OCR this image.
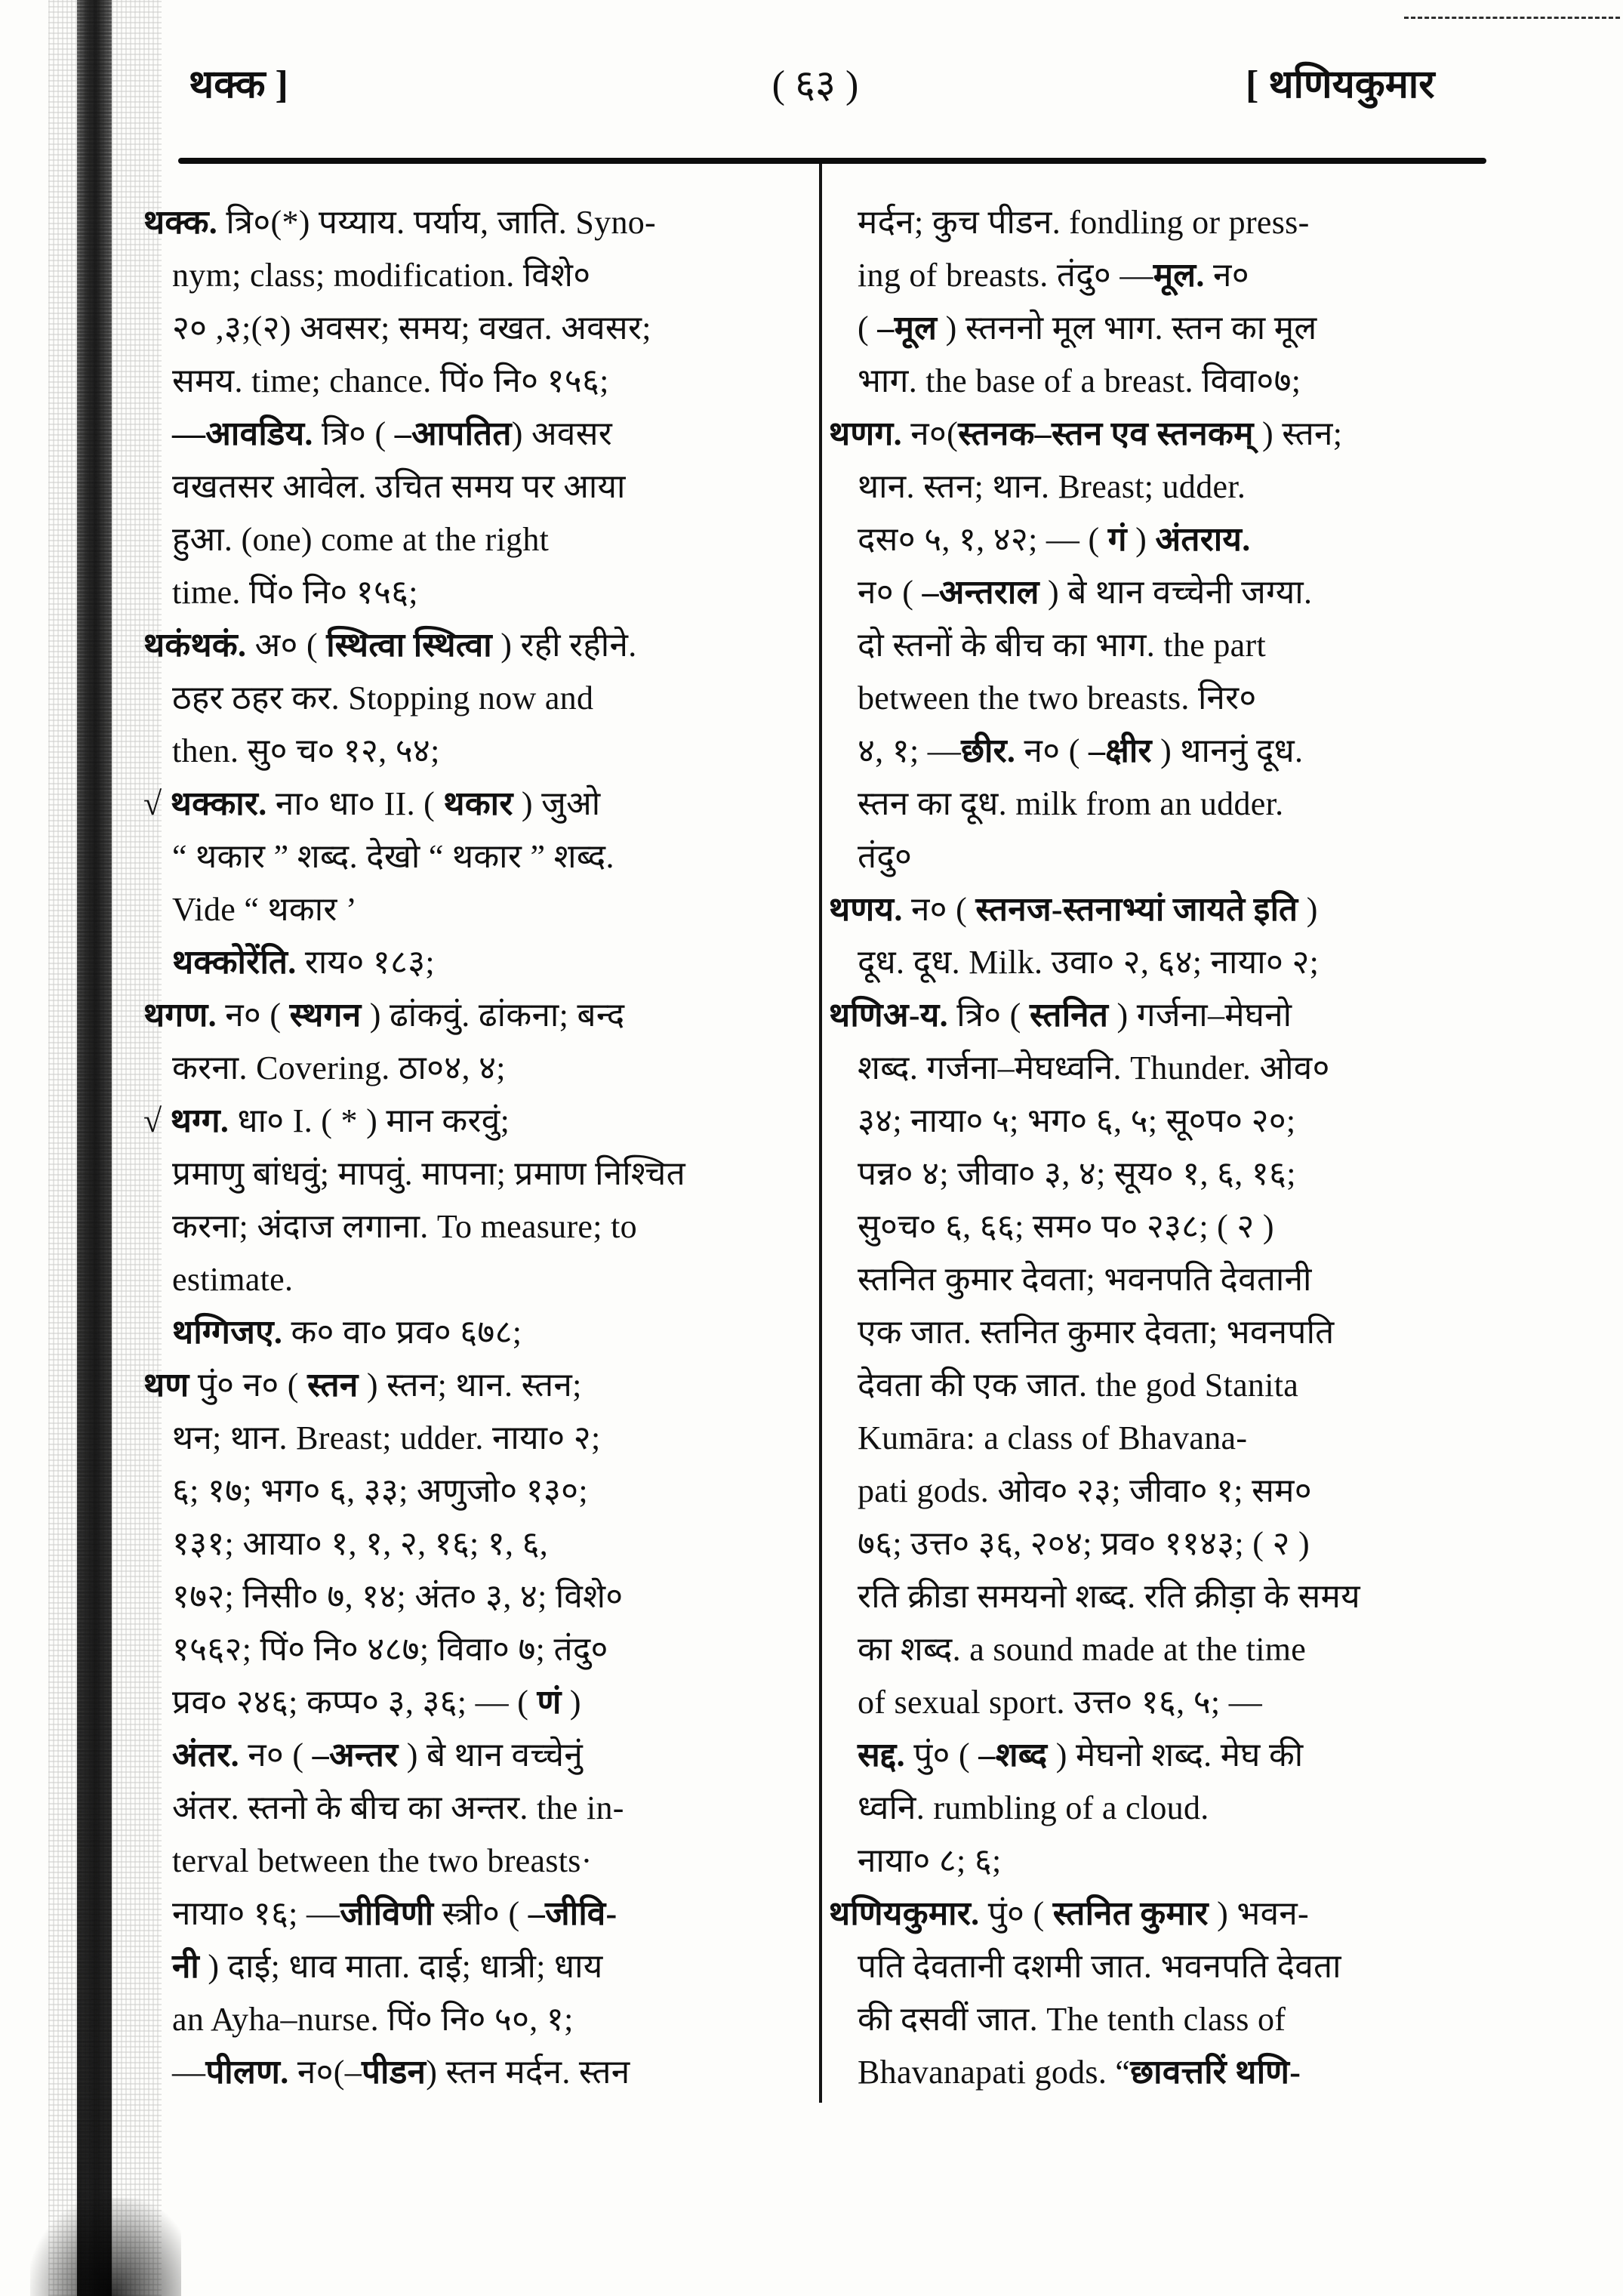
थक्क ]	( ६३ )	[ थणियकुमार
थक्क. त्रि०(*) पय्याय. पर्याय, जाति. Syno-
nym; class; modification. विशे०
२० ,३;(२) अवसर; समय; वखत. अवसर;
समय. time; chance. पिं० नि० १५६;
—आवडिय. त्रि० ( –आपतित) अवसर
वखतसर आवेल. उचित समय पर आया
हुआ. (one) come at the right
time. पिं० नि० १५६;
थकंथकं. अ० ( स्थित्वा स्थित्वा ) रही रहीने.
ठहर ठहर कर. Stopping now and
then. सु० च० १२, ५४;
√ थक्कार. ना० धा० II. ( थकार ) जुओ
“ थकार ” शब्द. देखो “ थकार ” शब्द.
Vide “ थकार ’
थक्कोरेंति. राय० १८३;
थगण. न० ( स्थगन ) ढांकवुं. ढांकना; बन्द
करना. Covering. ठा०४, ४;
√ थग्ग. धा० I. ( * ) मान करवुं;
प्रमाणु बांधवुं; मापवुं. मापना; प्रमाण निश्चित
करना; अंदाज लगाना. To measure; to
estimate.
थग्गिजए. क० वा० प्रव० ६७८;
थण पुं० न० ( स्तन ) स्तन; थान. स्तन;
थन; थान. Breast; udder. नाया० २;
६; १७; भग० ६, ३३; अणुजो० १३०;
१३१; आया० १, १, २, १६; १, ६,
१७२; निसी० ७, १४; अंत० ३, ४; विशे०
१५६२; पिं० नि० ४८७; विवा० ७; तंदु०
प्रव० २४६; कप्प० ३, ३६; — ( णं )
अंतर. न० ( –अन्तर ) बे थान वच्चेनुं
अंतर. स्तनो के बीच का अन्तर. the in-
terval between the two breasts·
नाया० १६; —जीविणी स्त्री० ( –जीवि-
नी ) दाई; धाव माता. दाई; धात्री; धाय
an Ayha–nurse. पिं० नि० ५०, १;
—पीलण. न०(–पीडन) स्तन मर्दन. स्तन
मर्दन; कुच पीडन. fondling or press-
ing of breasts. तंदु० —मूल. न०
( –मूल ) स्तननो मूल भाग. स्तन का मूल
भाग. the base of a breast. विवा०७;
थणग. न०(स्तनक–स्तन एव स्तनकम् ) स्तन;
थान. स्तन; थान. Breast; udder.
दस० ५, १, ४२; — ( गं ) अंतराय.
न० ( –अन्तराल ) बे थान वच्चेनी जग्या.
दो स्तनों के बीच का भाग. the part
between the two breasts. निर०
४, १; —छीर. न० ( –क्षीर ) थाननुं दूध.
स्तन का दूध. milk from an udder.
तंदु०
थणय. न० ( स्तनज-स्तनाभ्यां जायते इति )
दूध. दूध. Milk. उवा० २, ६४; नाया० २;
थणिअ-य. त्रि० ( स्तनित ) गर्जना–मेघनो
शब्द. गर्जना–मेघध्वनि. Thunder. ओव०
३४; नाया० ५; भग० ६, ५; सू०प० २०;
पन्न० ४; जीवा० ३, ४; सूय० १, ६, १६;
सु०च० ६, ६६; सम० प० २३८; ( २ )
स्तनित कुमार देवता; भवनपति देवतानी
एक जात. स्तनित कुमार देवता; भवनपति
देवता की एक जात. the god Stanita
Kumāra: a class of Bhavana-
pati gods. ओव० २३; जीवा० १; सम०
७६; उत्त० ३६, २०४; प्रव० ११४३; ( २ )
रति क्रीडा समयनो शब्द. रति क्रीड़ा के समय
का शब्द. a sound made at the time
of sexual sport. उत्त० १६, ५; —
सद्द. पुं० ( –शब्द ) मेघनो शब्द. मेघ की
ध्वनि. rumbling of a cloud.
नाया० ८; ६;
थणियकुमार. पुं० ( स्तनित कुमार ) भवन-
पति देवतानी दशमी जात. भवनपति देवता
की दसवीं जात. The tenth class of
Bhavanapati gods. “छावत्तरिं थणि-
